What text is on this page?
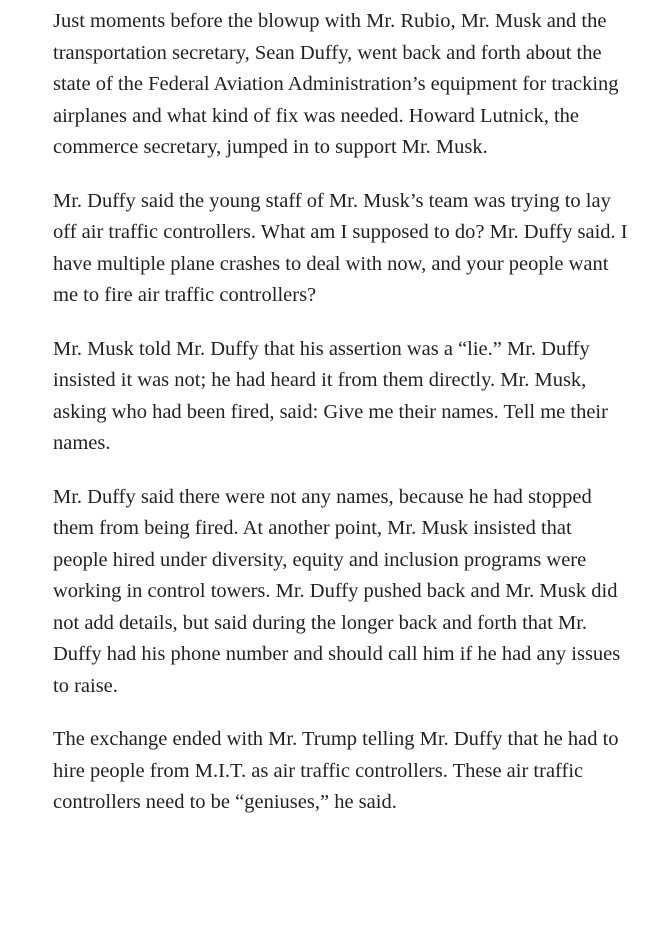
Just moments before the blowup with Mr. Rubio, Mr. Musk and the transportation secretary, Sean Duffy, went back and forth about the state of the Federal Aviation Administration’s equipment for tracking airplanes and what kind of fix was needed. Howard Lutnick, the commerce secretary, jumped in to support Mr. Musk.

Mr. Duffy said the young staff of Mr. Musk’s team was trying to lay off air traffic controllers. What am I supposed to do? Mr. Duffy said. I have multiple plane crashes to deal with now, and your people want me to fire air traffic controllers?

Mr. Musk told Mr. Duffy that his assertion was a “lie.” Mr. Duffy insisted it was not; he had heard it from them directly. Mr. Musk, asking who had been fired, said: Give me their names. Tell me their names.

Mr. Duffy said there were not any names, because he had stopped them from being fired. At another point, Mr. Musk insisted that people hired under diversity, equity and inclusion programs were working in control towers. Mr. Duffy pushed back and Mr. Musk did not add details, but said during the longer back and forth that Mr. Duffy had his phone number and should call him if he had any issues to raise.

The exchange ended with Mr. Trump telling Mr. Duffy that he had to hire people from M.I.T. as air traffic controllers. These air traffic controllers need to be “geniuses,” he said.
